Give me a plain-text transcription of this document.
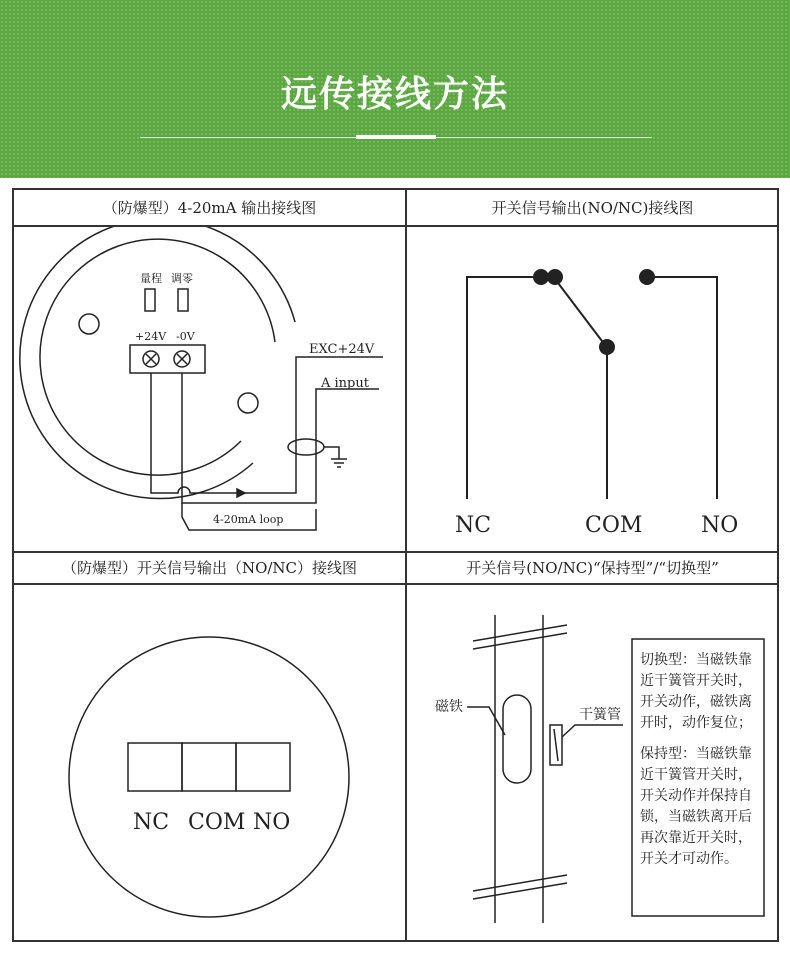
远传接线方法
（防爆型）4-20mA 输出接线图	开关信号输出(NO/NC)接线图
（防爆型）开关信号输出（NO/NC）接线图	开关信号(NO/NC)“保持型”/“切换型”
量程 调零
+24V -0V
EXC+24V
A input
4-20mA loop	NC	COM	NO
NC COM NO
磁铁	干簧管

切换型：当磁铁靠近干簧管开关时，开关动作，磁铁离开时，动作复位；

保持型：当磁铁靠近干簧管开关时，开关动作并保持自锁，当磁铁离开后再次靠近开关时，开关才可动作。
